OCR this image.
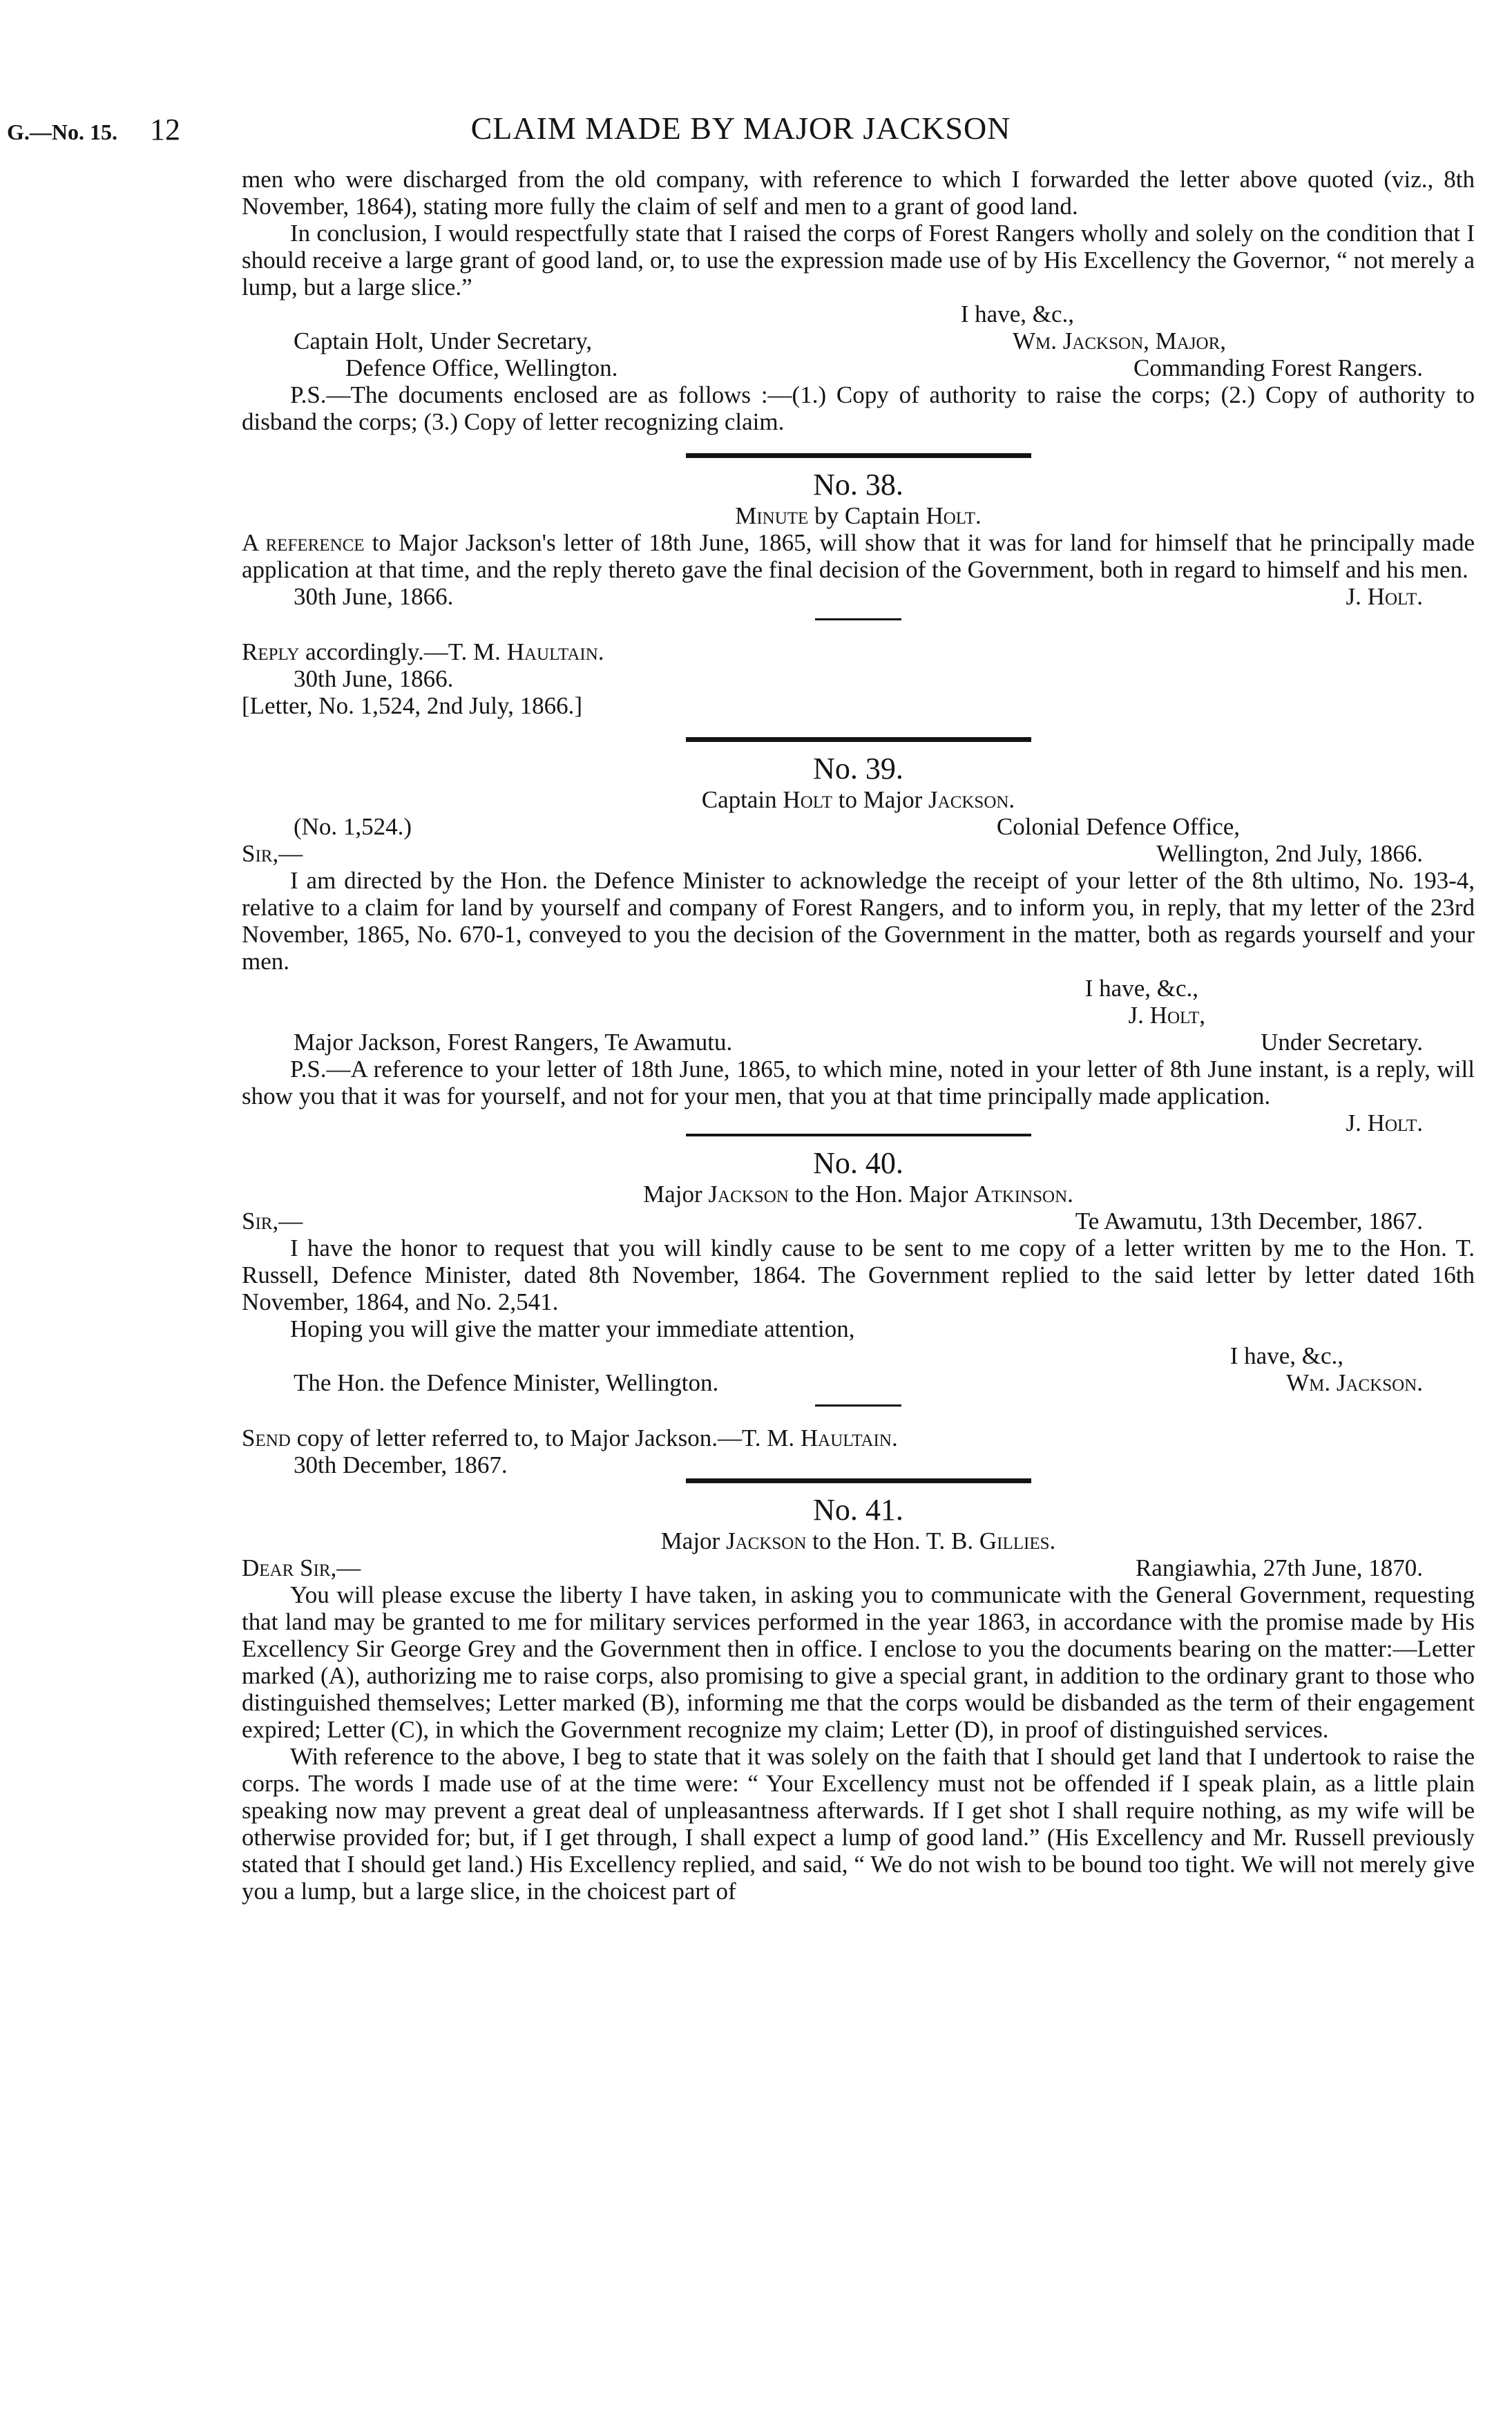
G.—No. 15. 12	CLAIM MADE BY MAJOR JACKSON

men who were discharged from the old company, with reference to which I forwarded the letter above quoted (viz., 8th November, 1864), stating more fully the claim of self and men to a grant of good land.

In conclusion, I would respectfully state that I raised the corps of Forest Rangers wholly and solely on the condition that I should receive a large grant of good land, or, to use the expression made use of by His Excellency the Governor, “ not merely a lump, but a large slice.”

I have, &c.,
Captain Holt, Under Secretary,	Wm. Jackson, Major,
Defence Office, Wellington.	Commanding Forest Rangers.

P.S.—The documents enclosed are as follows :—(1.) Copy of authority to raise the corps; (2.) Copy of authority to disband the corps; (3.) Copy of letter recognizing claim.

No. 38.
Minute by Captain Holt.

A reference to Major Jackson's letter of 18th June, 1865, will show that it was for land for himself that he principally made application at that time, and the reply thereto gave the final decision of the Government, both in regard to himself and his men.

J. Holt.
30th June, 1866.
Reply accordingly.—T. M. Haultain.
30th June, 1866.
[Letter, No. 1,524, 2nd July, 1866.]
No. 39.
Captain Holt to Major Jackson.
(No. 1,524.)	Colonial Defence Office,
Sir,—	Wellington, 2nd July, 1866.

I am directed by the Hon. the Defence Minister to acknowledge the receipt of your letter of the 8th ultimo, No. 193-4, relative to a claim for land by yourself and company of Forest Rangers, and to inform you, in reply, that my letter of the 23rd November, 1865, No. 670-1, conveyed to you the decision of the Government in the matter, both as regards yourself and your men.

I have, &c.,
J. Holt,
Major Jackson, Forest Rangers, Te Awamutu.	Under Secretary.

P.S.—A reference to your letter of 18th June, 1865, to which mine, noted in your letter of 8th June instant, is a reply, will show you that it was for yourself, and not for your men, that you at that time principally made application.

J. Holt.
No. 40.
Major Jackson to the Hon. Major Atkinson.
Sir,—	Te Awamutu, 13th December, 1867.

I have the honor to request that you will kindly cause to be sent to me copy of a letter written by me to the Hon. T. Russell, Defence Minister, dated 8th November, 1864. The Government replied to the said letter by letter dated 16th November, 1864, and No. 2,541.

Hoping you will give the matter your immediate attention,

I have, &c.,
The Hon. the Defence Minister, Wellington.	Wm. Jackson.
Send copy of letter referred to, to Major Jackson.—T. M. Haultain.
30th December, 1867.
No. 41.
Major Jackson to the Hon. T. B. Gillies.
Dear Sir,—	Rangiawhia, 27th June, 1870.

You will please excuse the liberty I have taken, in asking you to communicate with the General Government, requesting that land may be granted to me for military services performed in the year 1863, in accordance with the promise made by His Excellency Sir George Grey and the Government then in office. I enclose to you the documents bearing on the matter:—Letter marked (A), authorizing me to raise corps, also promising to give a special grant, in addition to the ordinary grant to those who distinguished themselves; Letter marked (B), informing me that the corps would be disbanded as the term of their engagement expired; Letter (C), in which the Government recognize my claim; Letter (D), in proof of distinguished services.

With reference to the above, I beg to state that it was solely on the faith that I should get land that I undertook to raise the corps. The words I made use of at the time were: “ Your Excellency must not be offended if I speak plain, as a little plain speaking now may prevent a great deal of unpleasantness afterwards. If I get shot I shall require nothing, as my wife will be otherwise provided for; but, if I get through, I shall expect a lump of good land.” (His Excellency and Mr. Russell previously stated that I should get land.) His Excellency replied, and said, “ We do not wish to be bound too tight. We will not merely give you a lump, but a large slice, in the choicest part of
